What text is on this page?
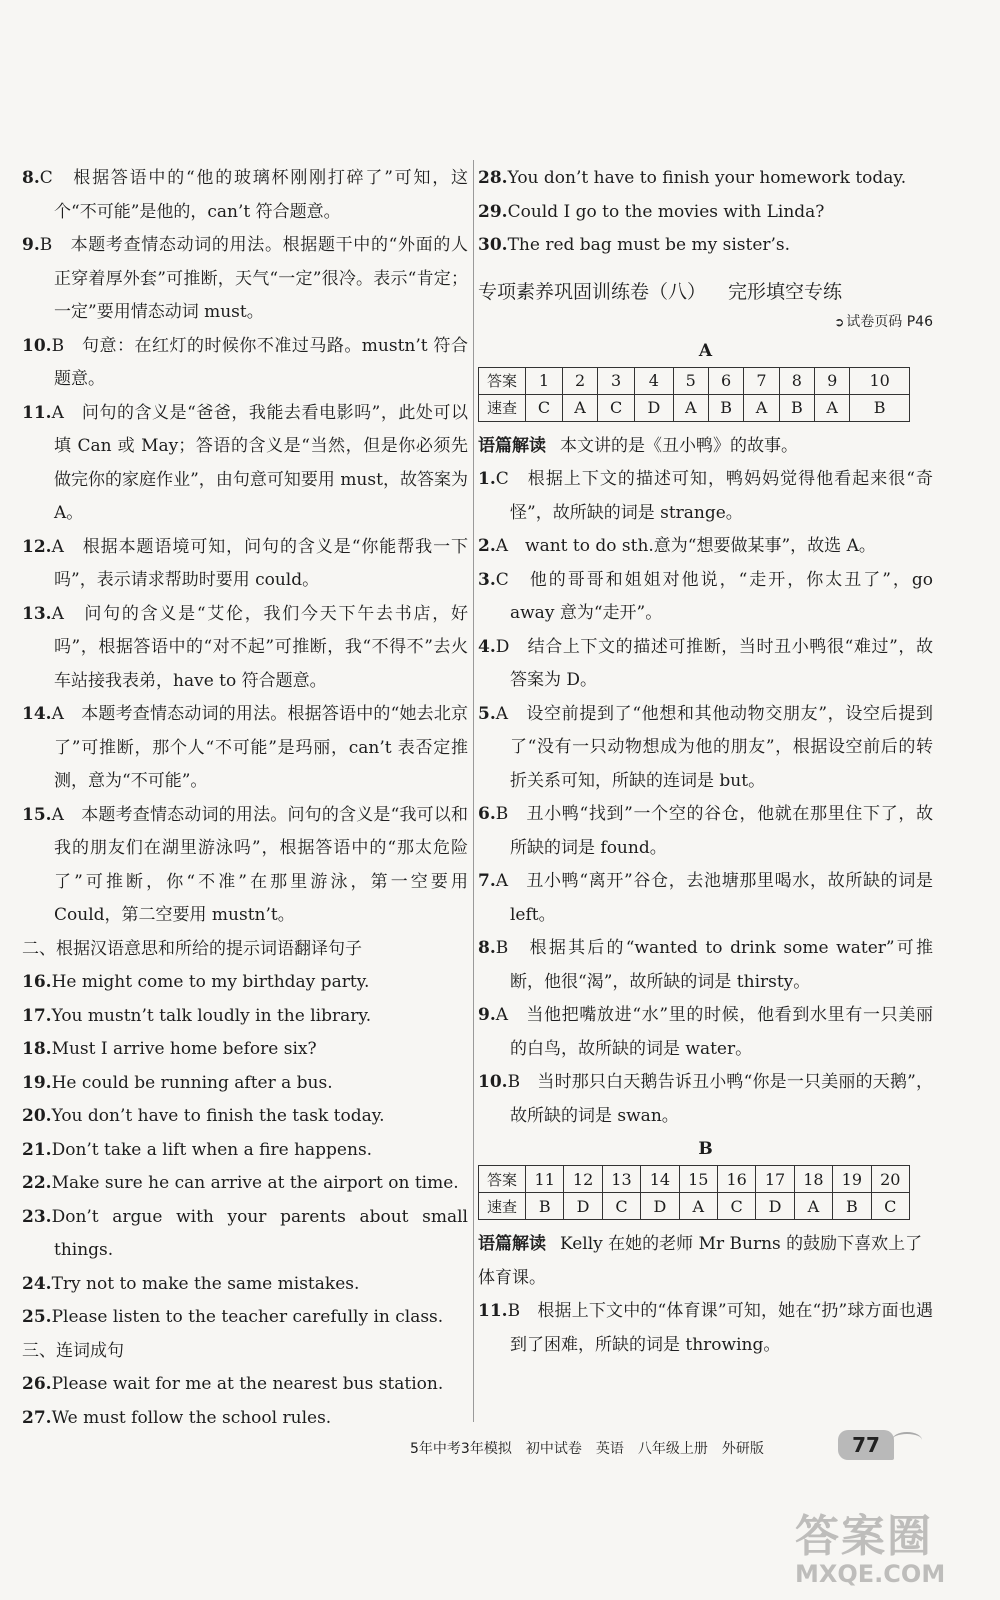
8.C　根据答语中的“他的玻璃杯刚刚打碎了”可知，这个“不可能”是他的，can’t 符合题意。

9.B　本题考查情态动词的用法。根据题干中的“外面的人正穿着厚外套”可推断，天气“一定”很冷。表示“肯定；一定”要用情态动词 must。

10.B　句意：在红灯的时候你不准过马路。mustn’t 符合题意。

11.A　问句的含义是“爸爸，我能去看电影吗”，此处可以填 Can 或 May；答语的含义是“当然，但是你必须先做完你的家庭作业”，由句意可知要用 must，故答案为 A。

12.A　根据本题语境可知，问句的含义是“你能帮我一下吗”，表示请求帮助时要用 could。

13.A　问句的含义是“艾伦，我们今天下午去书店，好吗”，根据答语中的“对不起”可推断，我“不得不”去火车站接我表弟，have to 符合题意。

14.A　本题考查情态动词的用法。根据答语中的“她去北京了”可推断，那个人“不可能”是玛丽，can’t 表否定推测，意为“不可能”。

15.A　本题考查情态动词的用法。问句的含义是“我可以和我的朋友们在湖里游泳吗”，根据答语中的“那太危险了”可推断，你“不准”在那里游泳，第一空要用 Could，第二空要用 mustn’t。

二、根据汉语意思和所给的提示词语翻译句子

16.He might come to my birthday party.

17.You mustn’t talk loudly in the library.

18.Must I arrive home before six?

19.He could be running after a bus.

20.You don’t have to finish the task today.

21.Don’t take a lift when a fire happens.

22.Make sure he can arrive at the airport on time.

23.Don’t argue with your parents about small things.

24.Try not to make the same mistakes.

25.Please listen to the teacher carefully in class.

三、连词成句

26.Please wait for me at the nearest bus station.

27.We must follow the school rules.

28.You don’t have to finish your homework today.

29.Could I go to the movies with Linda?

30.The red bag must be my sister’s.

专项素养巩固训练卷（八） 完形填空专练
➲ 试卷页码 P46
A
答案	1	2	3	4	5	6	7	8	9	10
速查	C	A	C	D	A	B	A	B	A	B

语篇解读 本文讲的是《丑小鸭》的故事。

1.C　根据上下文的描述可知，鸭妈妈觉得他看起来很“奇怪”，故所缺的词是 strange。

2.A　want to do sth.意为“想要做某事”，故选 A。

3.C　他的哥哥和姐姐对他说，“走开，你太丑了”，go away 意为“走开”。

4.D　结合上下文的描述可推断，当时丑小鸭很“难过”，故答案为 D。

5.A　设空前提到了“他想和其他动物交朋友”，设空后提到了“没有一只动物想成为他的朋友”，根据设空前后的转折关系可知，所缺的连词是 but。

6.B　丑小鸭“找到”一个空的谷仓，他就在那里住下了，故所缺的词是 found。

7.A　丑小鸭“离开”谷仓，去池塘那里喝水，故所缺的词是 left。

8.B　根据其后的“wanted to drink some water”可推断，他很“渴”，故所缺的词是 thirsty。

9.A　当他把嘴放进“水”里的时候，他看到水里有一只美丽的白鸟，故所缺的词是 water。

10.B　当时那只白天鹅告诉丑小鸭“你是一只美丽的天鹅”，故所缺的词是 swan。

B
答案	11	12	13	14	15	16	17	18	19	20
速查	B	D	C	D	A	C	D	A	B	C

语篇解读 Kelly 在她的老师 Mr Burns 的鼓励下喜欢上了体育课。

11.B　根据上下文中的“体育课”可知，她在“扔”球方面也遇到了困难，所缺的词是 throwing。

5年中考3年模拟　初中试卷　英语　八年级上册　外研版	77
答案圈
MXQE.COM
